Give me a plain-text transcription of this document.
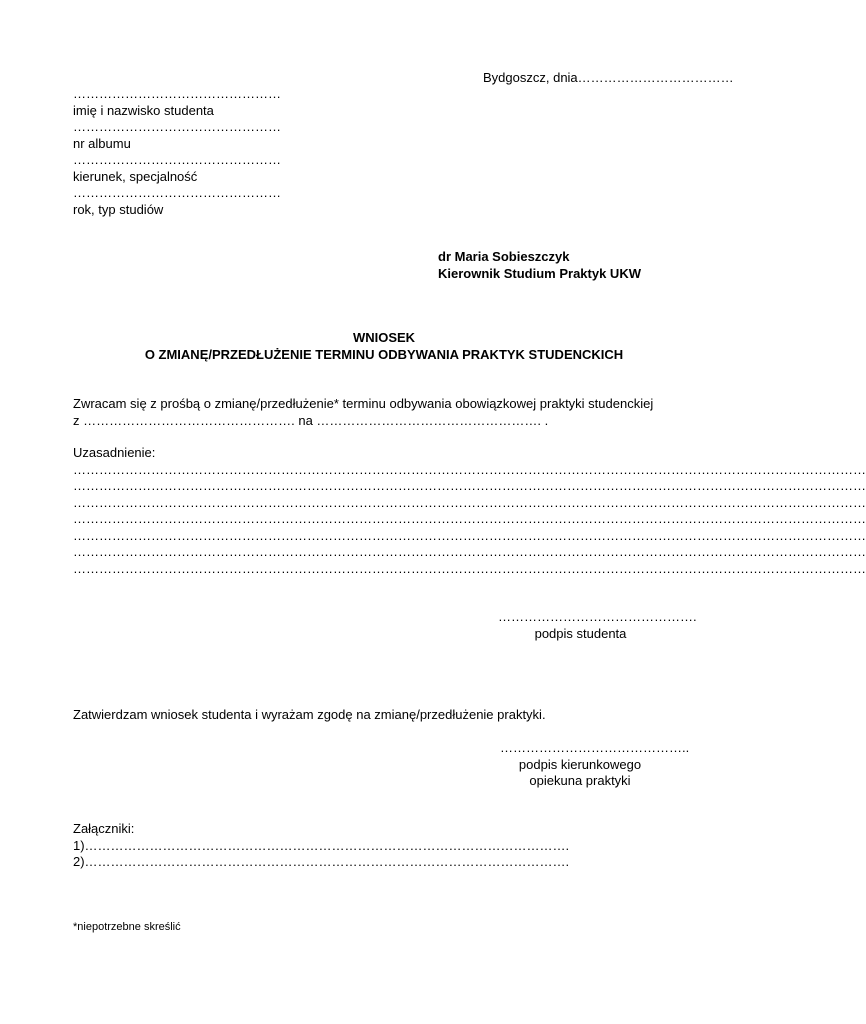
Bydgoszcz, dnia………………………………
…………………………………………
imię i nazwisko studenta
…………………………………………
nr albumu
…………………………………………
kierunek, specjalność
…………………………………………
rok, typ studiów
dr Maria Sobieszczyk
Kierownik Studium Praktyk UKW
WNIOSEK
O ZMIANĘ/PRZEDŁUŻENIE TERMINU ODBYWANIA PRAKTYK STUDENCKICH
Zwracam się z prośbą o zmianę/przedłużenie* terminu odbywania obowiązkowej praktyki studenckiej
z …………………………………………. na ……………………………………………. .
Uzasadnienie:
…………………………………………………………………………………………………………………………………………………………………
…………………………………………………………………………………………………………………………………………………………………
…………………………………………………………………………………………………………………………………………………………………
…………………………………………………………………………………………………………………………………………………………………
…………………………………………………………………………………………………………………………………………………………………
…………………………………………………………………………………………………………………………………………………………………
…………………………………………………………………………………………………………………………………………………………………
……………………………………….
podpis studenta
Zatwierdzam wniosek studenta i wyrażam zgodę na zmianę/przedłużenie praktyki.
……………………………………..
podpis kierunkowego
opiekuna praktyki
Załączniki:
1)………………………………………………………………………………………………….
2)………………………………………………………………………………………………….
*niepotrzebne skreślić
